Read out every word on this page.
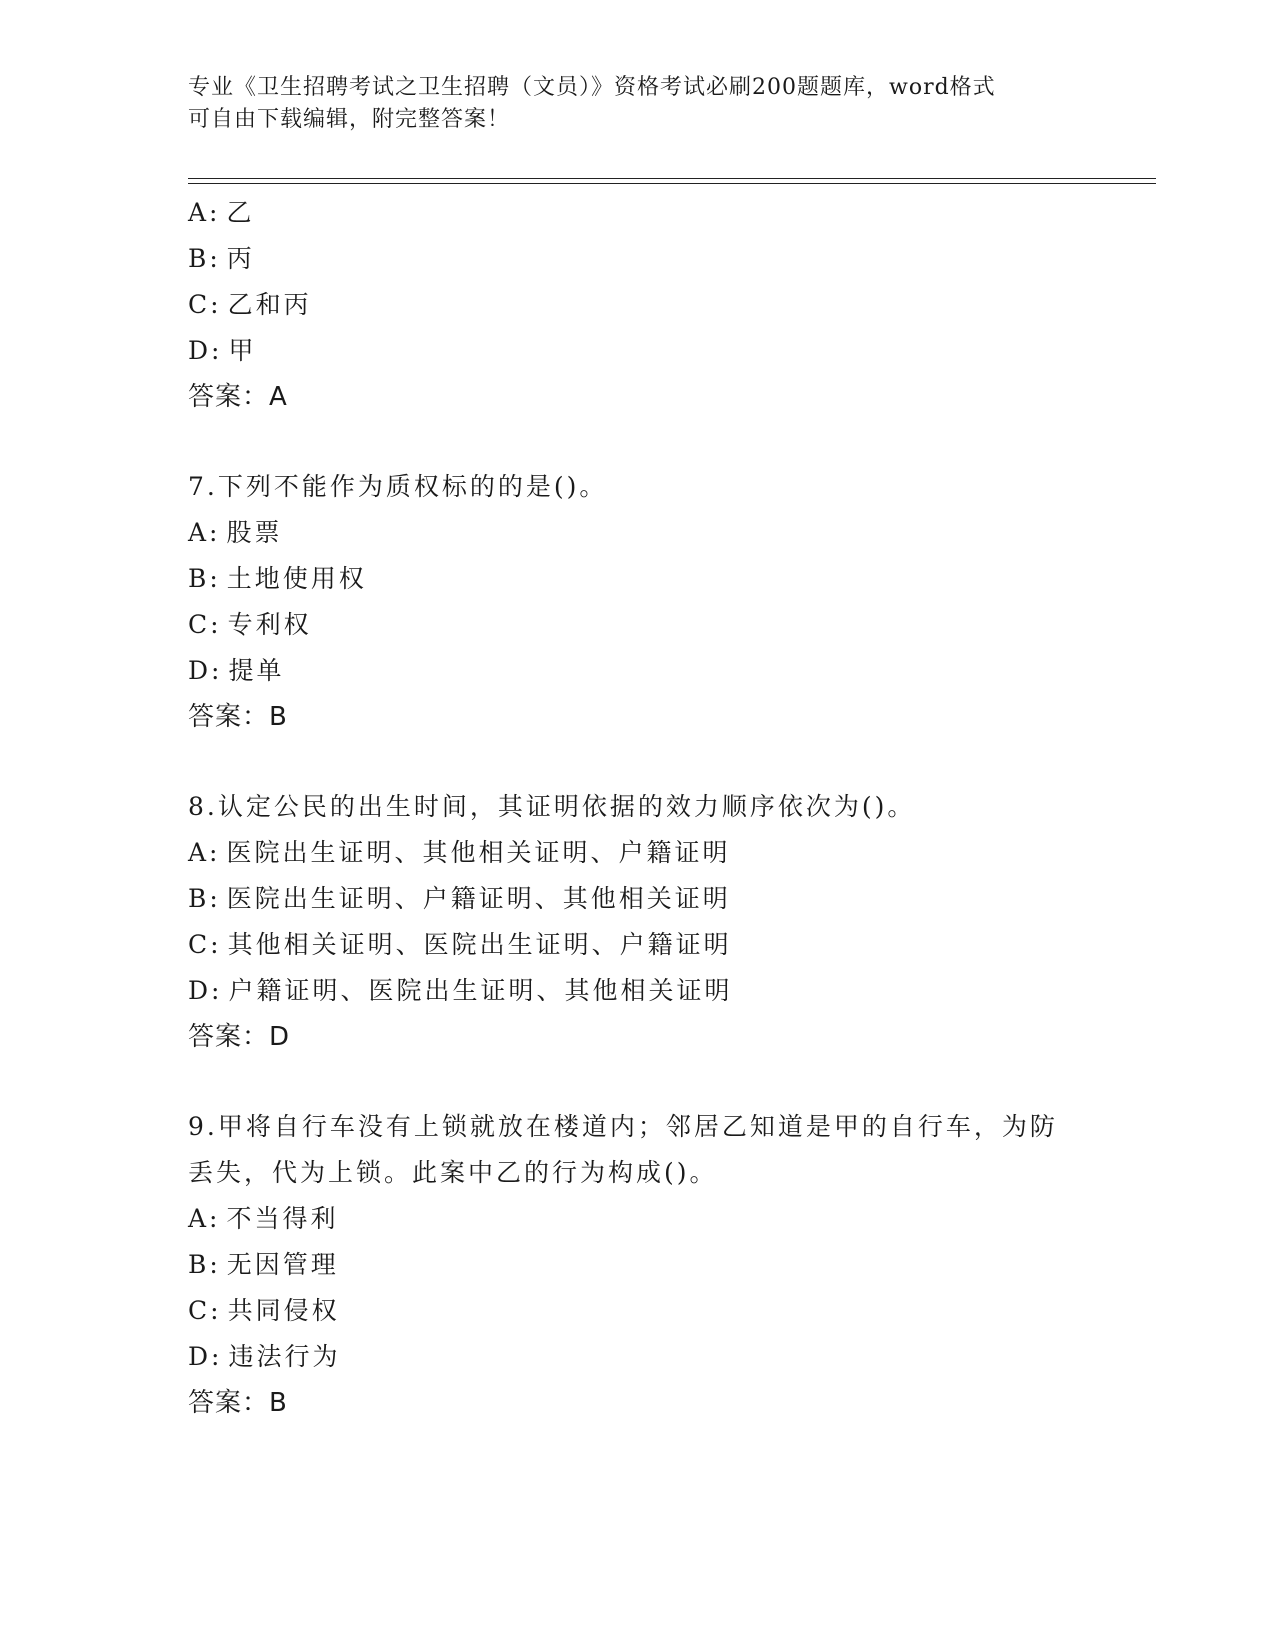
专业《卫生招聘考试之卫生招聘（文员）》资格考试必刷200题题库，word格式
可自由下载编辑，附完整答案！
A: 乙
B: 丙
C: 乙和丙
D: 甲
答案：A
7.下列不能作为质权标的的是()。
A: 股票
B: 土地使用权
C: 专利权
D: 提单
答案：B
8.认定公民的出生时间，其证明依据的效力顺序依次为()。
A: 医院出生证明、其他相关证明、户籍证明
B: 医院出生证明、户籍证明、其他相关证明
C: 其他相关证明、医院出生证明、户籍证明
D: 户籍证明、医院出生证明、其他相关证明
答案：D
9.甲将自行车没有上锁就放在楼道内；邻居乙知道是甲的自行车，为防丢失，代为上锁。此案中乙的行为构成()。
A: 不当得利
B: 无因管理
C: 共同侵权
D: 违法行为
答案：B
